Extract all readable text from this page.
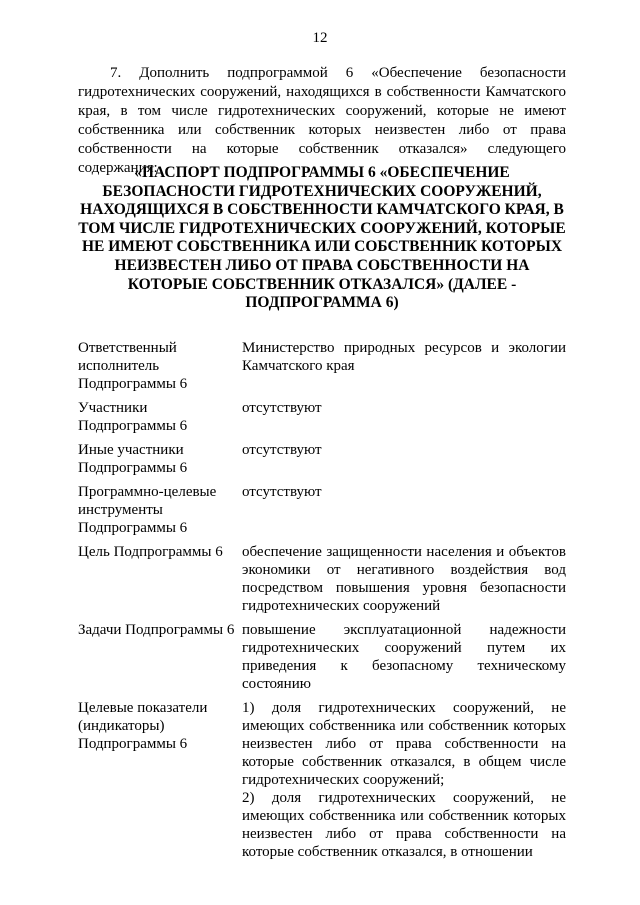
12

7. Дополнить подпрограммой 6 «Обеспечение безопасности гидротехнических сооружений, находящихся в собственности Камчатского края, в том числе гидротехнических сооружений, которые не имеют собственника или собственник которых неизвестен либо от права собственности на которые собственник отказался» следующего содержания:

«ПАСПОРТ ПОДПРОГРАММЫ 6 «ОБЕСПЕЧЕНИЕ БЕЗОПАСНОСТИ ГИДРОТЕХНИЧЕСКИХ СООРУЖЕНИЙ, НАХОДЯЩИХСЯ В СОБСТВЕННОСТИ КАМЧАТСКОГО КРАЯ, В ТОМ ЧИСЛЕ ГИДРОТЕХНИЧЕСКИХ СООРУЖЕНИЙ, КОТОРЫЕ НЕ ИМЕЮТ СОБСТВЕННИКА ИЛИ СОБСТВЕННИК КОТОРЫХ НЕИЗВЕСТЕН ЛИБО ОТ ПРАВА СОБСТВЕННОСТИ НА КОТОРЫЕ СОБСТВЕННИК ОТКАЗАЛСЯ» (ДАЛЕЕ - ПОДПРОГРАММА 6)

Ответственный исполнитель Подпрограммы 6
Министерство природных ресурсов и экологии Камчатского края
Участники Подпрограммы 6
отсутствуют
Иные участники Подпрограммы 6
отсутствуют
Программно-целевые инструменты Подпрограммы 6
отсутствуют
Цель Подпрограммы 6	обеспечение защищенности населения и объектов экономики от негативного воздействия вод посредством повышения уровня безопасности гидротехнических сооружений
Задачи Подпрограммы 6 повышение эксплуатационной надежности гидротехнических сооружений путем их приведения к безопасному техническому состоянию
Целевые показатели (индикаторы) Подпрограммы 6

1) доля гидротехнических сооружений, не имеющих собственника или собственник которых неизвестен либо от права собственности на которые собственник отказался, в общем числе гидротехнических сооружений;

2) доля гидротехнических сооружений, не имеющих собственника или собственник которых неизвестен либо от права собственности на которые собственник отказался, в отношении
